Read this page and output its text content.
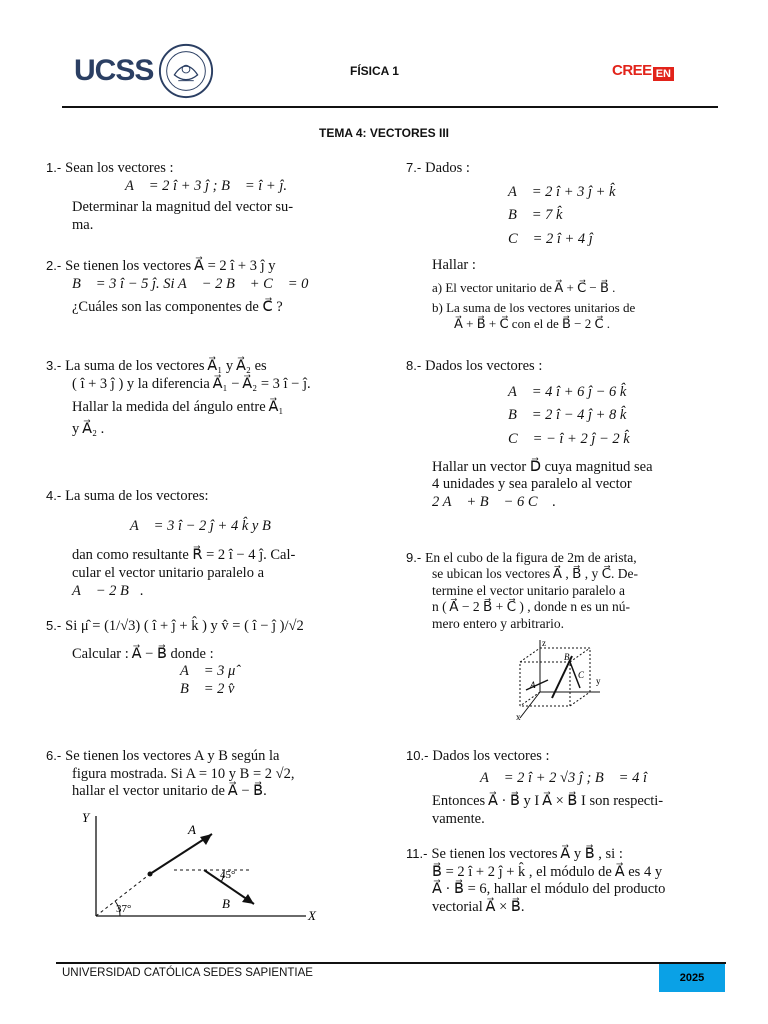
UCSS	FÍSICA 1	CREE EN
TEMA 4: VECTORES III
1.- Sean los vectores :
A⃗ = 2 î + 3 ĵ ; B⃗ = î + ĵ.
Determinar la magnitud del vector su-
ma.
2.- Se tienen los vectores A⃗ = 2 î + 3 ĵ y
B⃗ = 3 î − 5 ĵ. Si A⃗ − 2 B⃗ + C⃗ = 0⃗
¿Cuáles son las componentes de C⃗ ?
3.- La suma de los vectores A⃗₁ y A⃗₂ es
( î + 3 ĵ ) y la diferencia A⃗₁ − A⃗₂ = 3 î − ĵ.
Hallar la medida del ángulo entre A⃗₁
y A⃗₂ .
4.- La suma de los vectores:
A⃗ = 3 î − 2 ĵ + 4 k̂ y B⃗
dan como resultante R⃗ = 2 î − 4 ĵ. Cal-
cular el vector unitario paralelo a
A⃗ − 2 B⃗.
5.- Si μ̂ = (1/√3) ( î + ĵ + k̂ ) y v̂ = ( î − ĵ )/√2
Calcular : A⃗ − B⃗ donde :
A⃗ = 3 μ̂
B⃗ = 2 v̂
6.- Se tienen los vectores A y B según la
figura mostrada. Si A = 10 y B = 2 √2,
hallar el vector unitario de A⃗ − B⃗.
Y
X
A⃗
B⃗
45°
37°
7.- Dados :
A⃗ = 2 î + 3 ĵ + k̂
B⃗ = 7 k̂
C⃗ = 2 î + 4 ĵ
Hallar :
a) El vector unitario de A⃗ + C⃗ − B⃗ .
b) La suma de los vectores unitarios de
A⃗ + B⃗ + C⃗ con el de B⃗ − 2 C⃗ .
8.- Dados los vectores :
A⃗ = 4 î + 6 ĵ − 6 k̂
B⃗ = 2 î − 4 ĵ + 8 k̂
C⃗ = − î + 2 ĵ − 2 k̂
Hallar un vector D⃗ cuya magnitud sea
4 unidades y sea paralelo al vector
2 A⃗ + B⃗ − 6 C⃗ .
9.- En el cubo de la figura de 2m de arista,
se ubican los vectores A⃗ , B⃗ , y C⃗. De-
termine el vector unitario paralelo a
n ( A⃗ − 2 B⃗ + C⃗ ) , donde n es un nú-
mero entero y arbitrario.
z
y
x
A
B
C
10.- Dados los vectores :
A⃗ = 2 î + 2 √3 ĵ ; B⃗ = 4 î
Entonces A⃗ · B⃗ y I A⃗ × B⃗ I son respecti-
vamente.
11.- Se tienen los vectores A⃗ y B⃗ , si :
B⃗ = 2 î + 2 ĵ + k̂ , el módulo de A⃗ es 4 y
A⃗ · B⃗ = 6, hallar el módulo del producto
vectorial A⃗ × B⃗.
UNIVERSIDAD CATÓLICA SEDES SAPIENTIAE	2025
